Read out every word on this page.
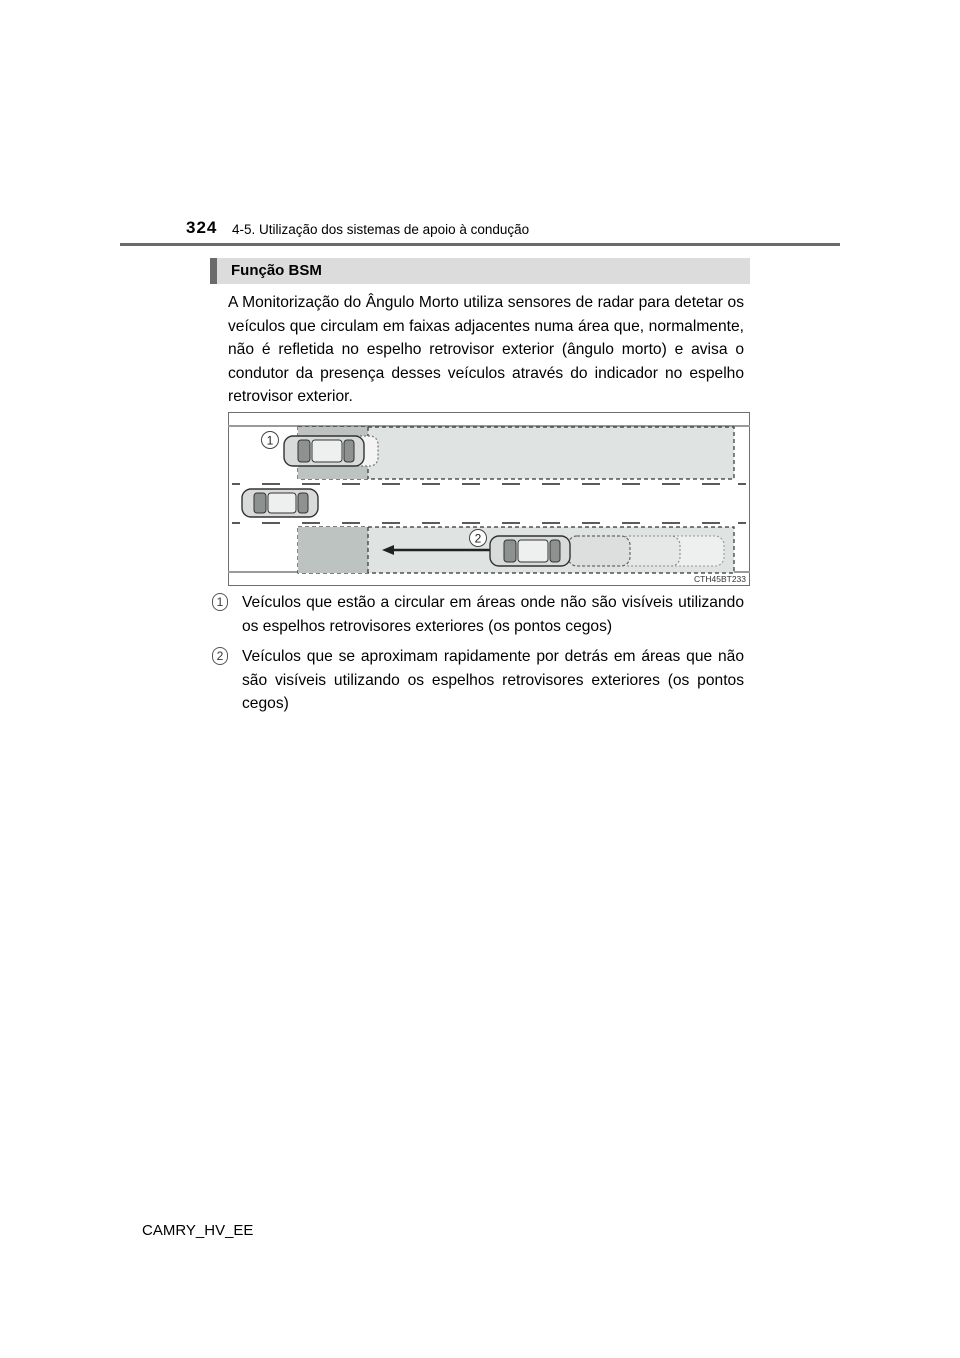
324 4-5. Utilização dos sistemas de apoio à condução
Função BSM

A Monitorização do Ângulo Morto utiliza sensores de radar para detetar os veículos que circulam em faixas adjacentes numa área que, normalmente, não é refletida no espelho retrovisor exterior (ângulo morto) e avisa o condutor da presença desses veículos através do indicador no espelho retrovisor exterior.

1
2
CTH45BT233
1	Veículos que estão a circular em áreas onde não são visíveis utilizando os espelhos retrovisores exteriores (os pontos cegos)

2	Veículos que se aproximam rapidamente por detrás em áreas que não são visíveis utilizando os espelhos retrovisores exteriores (os pontos cegos)

CAMRY_HV_EE
